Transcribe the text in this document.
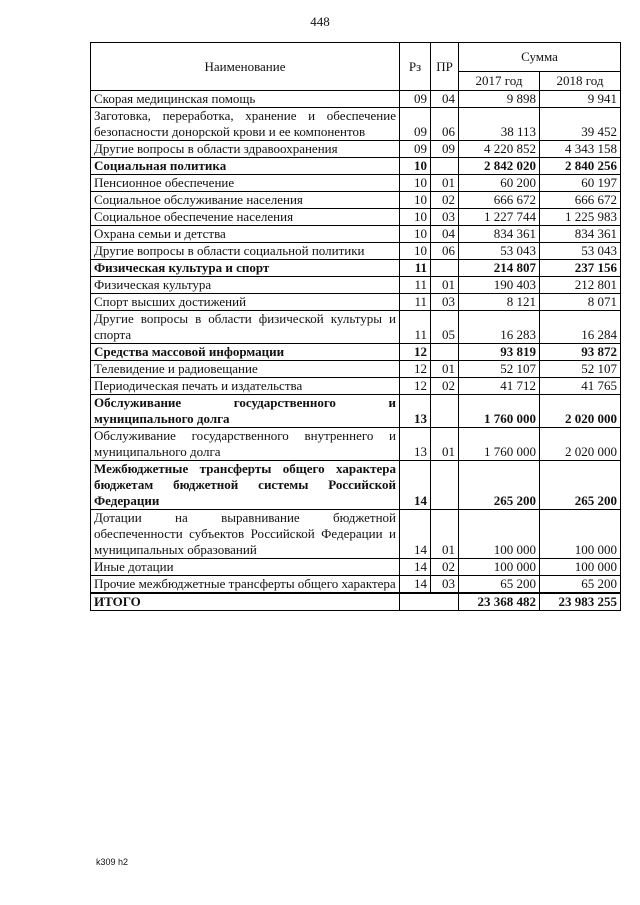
448
Наименование	Рз	ПР	Сумма	
			2017 год	2018 год
Скорая медицинская помощь	09	04	9 898	9 941
Заготовка, переработка, хранение и обеспечение безопасности донорской крови и ее компонентов	09	06	38 113	39 452
Другие вопросы в области здравоохранения	09	09	4 220 852	4 343 158
Социальная политика	10		2 842 020	2 840 256
Пенсионное обеспечение	10	01	60 200	60 197
Социальное обслуживание населения	10	02	666 672	666 672
Социальное обеспечение населения	10	03	1 227 744	1 225 983
Охрана семьи и детства	10	04	834 361	834 361
Другие вопросы в области социальной политики	10	06	53 043	53 043
Физическая культура и спорт	11		214 807	237 156
Физическая культура	11	01	190 403	212 801
Спорт высших достижений	11	03	8 121	8 071
Другие вопросы в области физической культуры и спорта	11	05	16 283	16 284
Средства массовой информации	12		93 819	93 872
Телевидение и радиовещание	12	01	52 107	52 107
Периодическая печать и издательства	12	02	41 712	41 765
Обслуживание государственного и муниципального долга	13		1 760 000	2 020 000
Обслуживание государственного внутреннего и муниципального долга	13	01	1 760 000	2 020 000
Межбюджетные трансферты общего характера бюджетам бюджетной системы Российской Федерации	14		265 200	265 200
Дотации на выравнивание бюджетной обеспеченности субъектов Российской Федерации и муниципальных образований	14	01	100 000	100 000
Иные дотации	14	02	100 000	100 000
Прочие межбюджетные трансферты общего характера	14	03	65 200	65 200
ИТОГО			23 368 482	23 983 255
k309 h2
